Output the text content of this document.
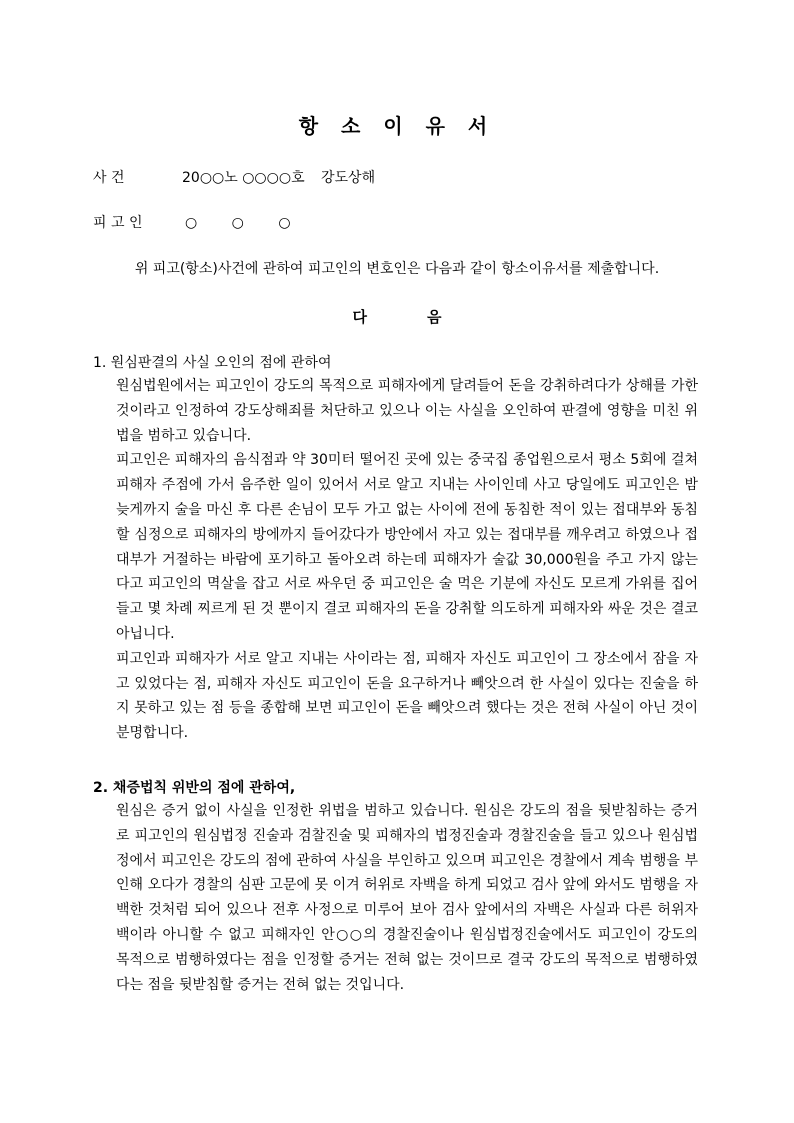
항 소 이 유 서
사 건	20○○노 ○○○○호 강도상해
피 고 인	○ ○ ○
위 피고(항소)사건에 관하여 피고인의 변호인은 다음과 같이 항소이유서를 제출합니다.
다음
1. 원심판결의 사실 오인의 점에 관하여

원심법원에서는 피고인이 강도의 목적으로 피해자에게 달려들어 돈을 강취하려다가 상해를 가한 것이라고 인정하여 강도상해죄를 처단하고 있으나 이는 사실을 오인하여 판결에 영향을 미친 위법을 범하고 있습니다.

피고인은 피해자의 음식점과 약 30미터 떨어진 곳에 있는 중국집 종업원으로서 평소 5회에 걸쳐 피해자 주점에 가서 음주한 일이 있어서 서로 알고 지내는 사이인데 사고 당일에도 피고인은 밤늦게까지 술을 마신 후 다른 손님이 모두 가고 없는 사이에 전에 동침한 적이 있는 접대부와 동침할 심정으로 피해자의 방에까지 들어갔다가 방안에서 자고 있는 접대부를 깨우려고 하였으나 접대부가 거절하는 바람에 포기하고 돌아오려 하는데 피해자가 술값 30,000원을 주고 가지 않는다고 피고인의 멱살을 잡고 서로 싸우던 중 피고인은 술 먹은 기분에 자신도 모르게 가위를 집어 들고 몇 차례 찌르게 된 것 뿐이지 결코 피해자의 돈을 강취할 의도하게 피해자와 싸운 것은 결코 아닙니다.

피고인과 피해자가 서로 알고 지내는 사이라는 점, 피해자 자신도 피고인이 그 장소에서 잠을 자고 있었다는 점, 피해자 자신도 피고인이 돈을 요구하거나 빼앗으려 한 사실이 있다는 진술을 하지 못하고 있는 점 등을 종합해 보면 피고인이 돈을 빼앗으려 했다는 것은 전혀 사실이 아닌 것이 분명합니다.

2. 채증법칙 위반의 점에 관하여,

원심은 증거 없이 사실을 인정한 위법을 범하고 있습니다. 원심은 강도의 점을 뒷받침하는 증거로 피고인의 원심법정 진술과 검찰진술 및 피해자의 법정진술과 경찰진술을 들고 있으나 원심법정에서 피고인은 강도의 점에 관하여 사실을 부인하고 있으며 피고인은 경찰에서 계속 범행을 부인해 오다가 경찰의 심판 고문에 못 이겨 허위로 자백을 하게 되었고 검사 앞에 와서도 범행을 자백한 것처럼 되어 있으나 전후 사정으로 미루어 보아 검사 앞에서의 자백은 사실과 다른 허위자백이라 아니할 수 없고 피해자인 안○○의 경찰진술이나 원심법정진술에서도 피고인이 강도의 목적으로 범행하였다는 점을 인정할 증거는 전혀 없는 것이므로 결국 강도의 목적으로 범행하였다는 점을 뒷받침할 증거는 전혀 없는 것입니다.
